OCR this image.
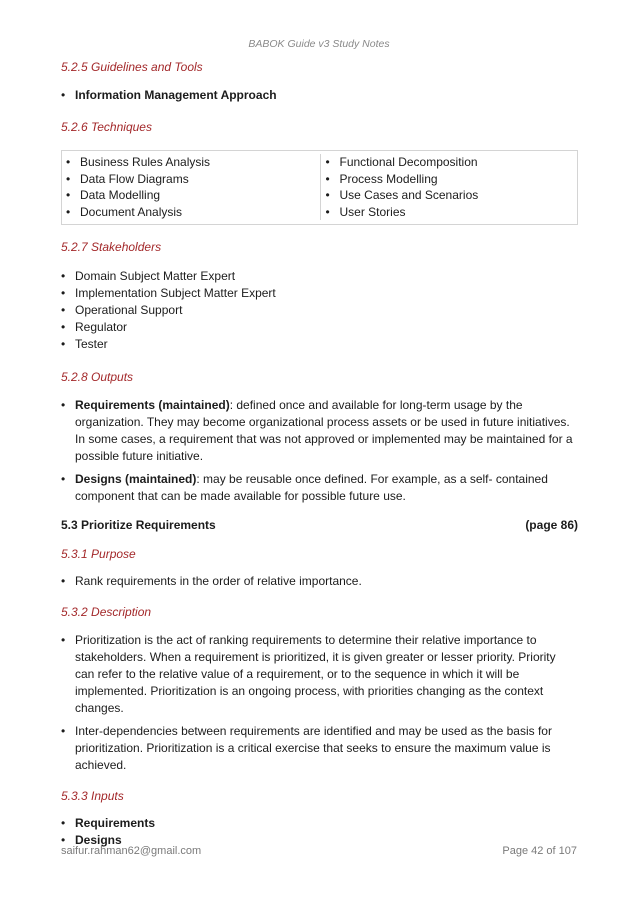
BABOK Guide v3 Study Notes

5.2.5 Guidelines and Tools

• Information Management Approach

5.2.6 Techniques

• Business Rules Analysis
• Data Flow Diagrams
• Data Modelling
• Document Analysis
• Functional Decomposition
• Process Modelling
• Use Cases and Scenarios
• User Stories

5.2.7 Stakeholders

• Domain Subject Matter Expert
• Implementation Subject Matter Expert
• Operational Support
• Regulator
• Tester

5.2.8 Outputs

• Requirements (maintained): defined once and available for long-term usage by the organization. They may become organizational process assets or be used in future initiatives. In some cases, a requirement that was not approved or implemented may be maintained for a possible future initiative.
• Designs (maintained): may be reusable once defined. For example, as a self- contained component that can be made available for possible future use.
5.3 Prioritize Requirements	(page 86)

5.3.1 Purpose

• Rank requirements in the order of relative importance.

5.3.2 Description

• Prioritization is the act of ranking requirements to determine their relative importance to stakeholders. When a requirement is prioritized, it is given greater or lesser priority. Priority can refer to the relative value of a requirement, or to the sequence in which it will be implemented. Prioritization is an ongoing process, with priorities changing as the context changes.
• Inter-dependencies between requirements are identified and may be used as the basis for prioritization. Prioritization is a critical exercise that seeks to ensure the maximum value is achieved.

5.3.3 Inputs

• Requirements
• Designs
saifur.rahman62@gmail.com	Page 42 of 107
